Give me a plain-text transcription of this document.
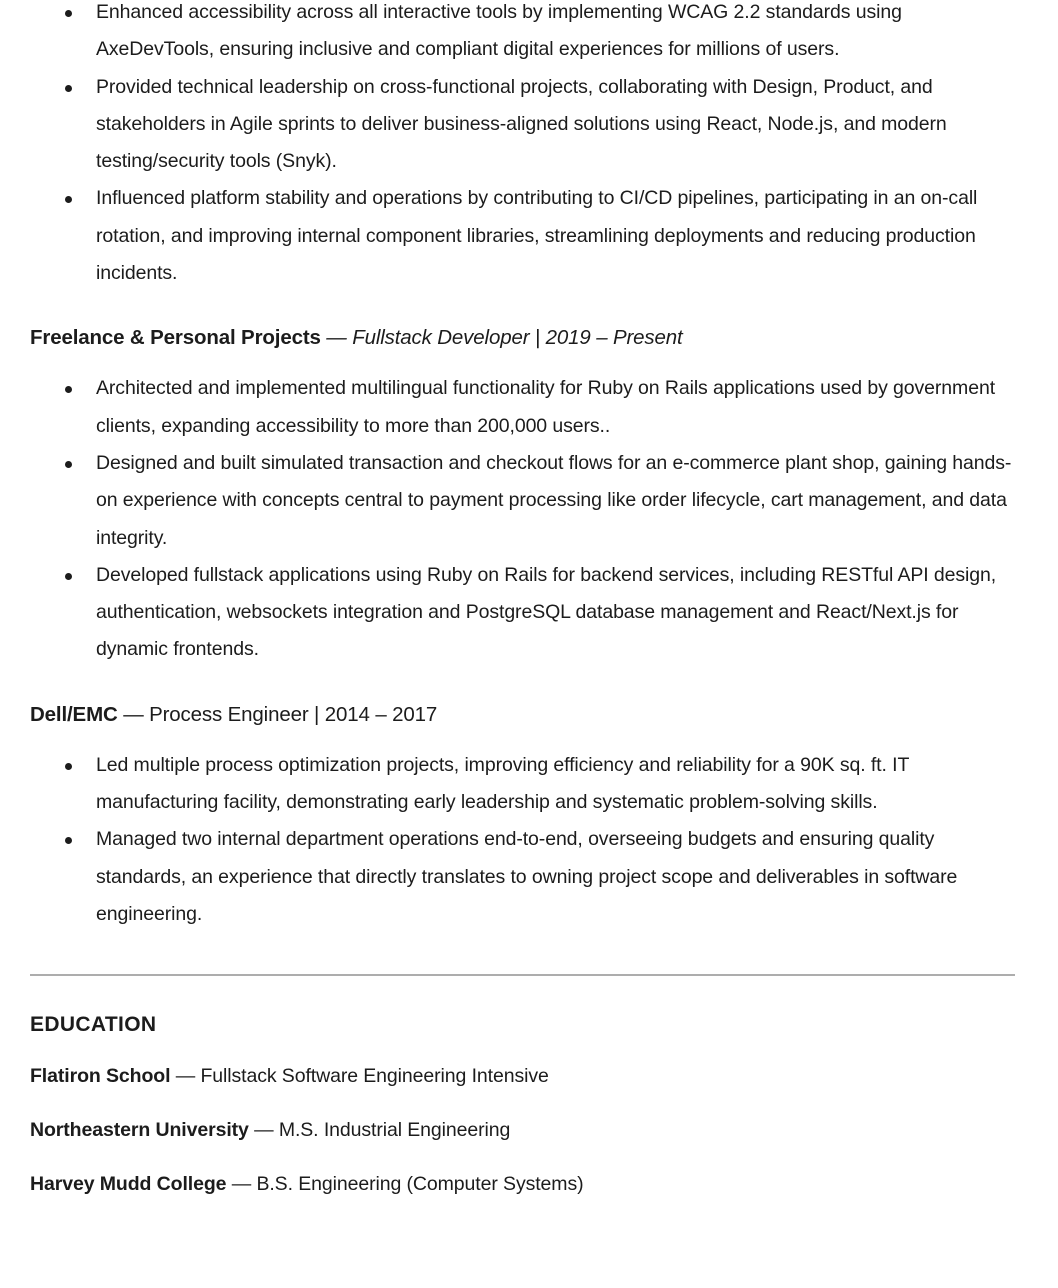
Enhanced accessibility across all interactive tools by implementing WCAG 2.2 standards using AxeDevTools, ensuring inclusive and compliant digital experiences for millions of users.
Provided technical leadership on cross-functional projects, collaborating with Design, Product, and stakeholders in Agile sprints to deliver business-aligned solutions using React, Node.js, and modern testing/security tools (Snyk).
Influenced platform stability and operations by contributing to CI/CD pipelines, participating in an on-call rotation, and improving internal component libraries, streamlining deployments and reducing production incidents.
Freelance & Personal Projects — Fullstack Developer | 2019 – Present
Architected and implemented multilingual functionality for Ruby on Rails applications used by government clients, expanding accessibility to more than 200,000 users..
Designed and built simulated transaction and checkout flows for an e-commerce plant shop, gaining hands-on experience with concepts central to payment processing like order lifecycle, cart management, and data integrity.
Developed fullstack applications using Ruby on Rails for backend services, including RESTful API design, authentication, websockets integration and PostgreSQL database management and React/Next.js for dynamic frontends.
Dell/EMC — Process Engineer | 2014 – 2017
Led multiple process optimization projects, improving efficiency and reliability for a 90K sq. ft. IT manufacturing facility, demonstrating early leadership and systematic problem-solving skills.
Managed two internal department operations end-to-end, overseeing budgets and ensuring quality standards, an experience that directly translates to owning project scope and deliverables in software engineering.
EDUCATION
Flatiron School — Fullstack Software Engineering Intensive
Northeastern University — M.S. Industrial Engineering
Harvey Mudd College — B.S. Engineering (Computer Systems)
